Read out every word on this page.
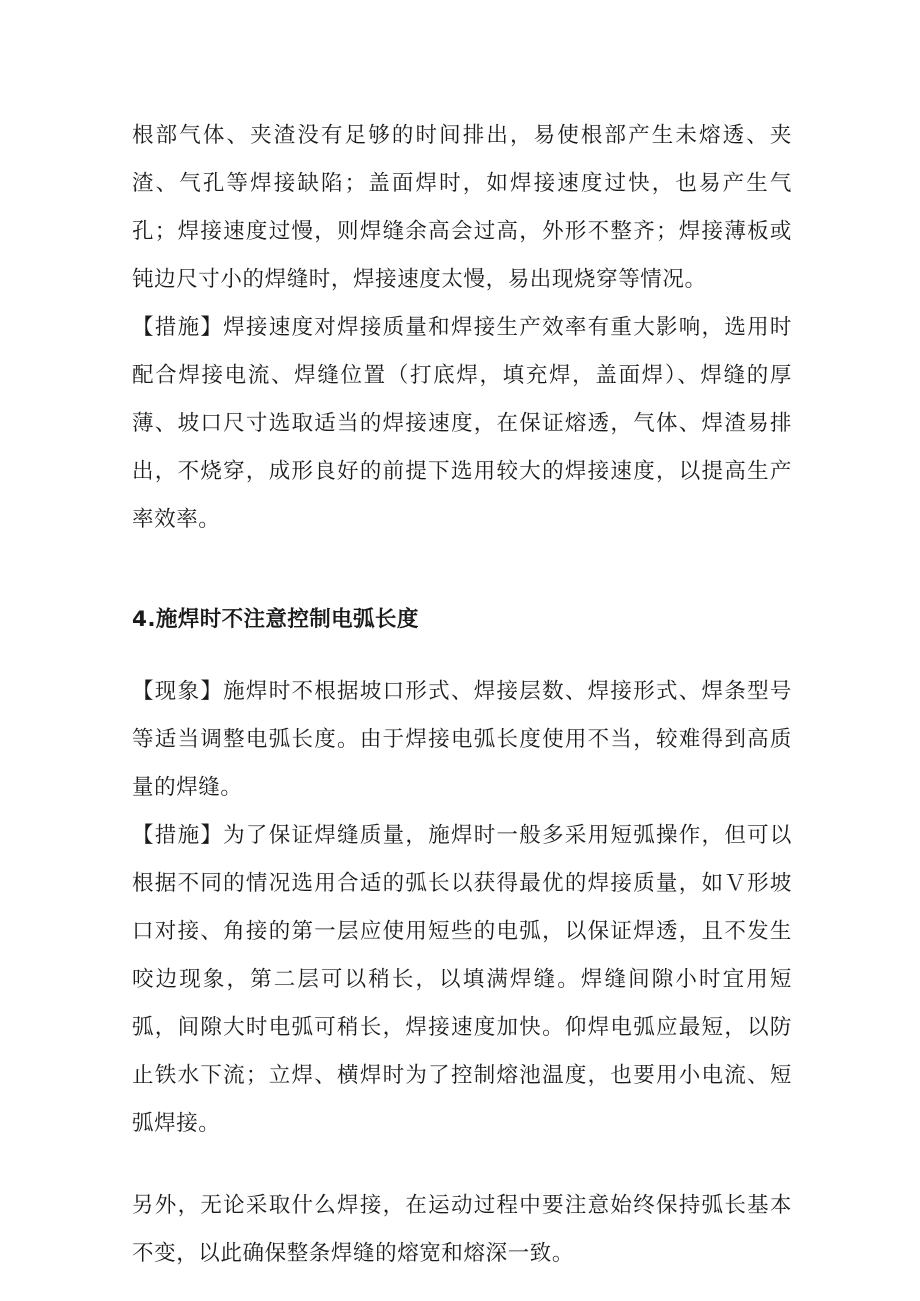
根部气体、夹渣没有足够的时间排出，易使根部产生未熔透、夹渣、气孔等焊接缺陷；盖面焊时，如焊接速度过快，也易产生气孔；焊接速度过慢，则焊缝余高会过高，外形不整齐；焊接薄板或钝边尺寸小的焊缝时，焊接速度太慢，易出现烧穿等情况。

【措施】焊接速度对焊接质量和焊接生产效率有重大影响，选用时配合焊接电流、焊缝位置（打底焊，填充焊，盖面焊）、焊缝的厚薄、坡口尺寸选取适当的焊接速度，在保证熔透，气体、焊渣易排出，不烧穿，成形良好的前提下选用较大的焊接速度，以提高生产率效率。

4.施焊时不注意控制电弧长度

【现象】施焊时不根据坡口形式、焊接层数、焊接形式、焊条型号等适当调整电弧长度。由于焊接电弧长度使用不当，较难得到高质量的焊缝。

【措施】为了保证焊缝质量，施焊时一般多采用短弧操作，但可以根据不同的情况选用合适的弧长以获得最优的焊接质量，如Ｖ形坡口对接、角接的第一层应使用短些的电弧，以保证焊透，且不发生咬边现象，第二层可以稍长，以填满焊缝。焊缝间隙小时宜用短弧，间隙大时电弧可稍长，焊接速度加快。仰焊电弧应最短，以防止铁水下流；立焊、横焊时为了控制熔池温度，也要用小电流、短弧焊接。

另外，无论采取什么焊接，在运动过程中要注意始终保持弧长基本不变，以此确保整条焊缝的熔宽和熔深一致。
